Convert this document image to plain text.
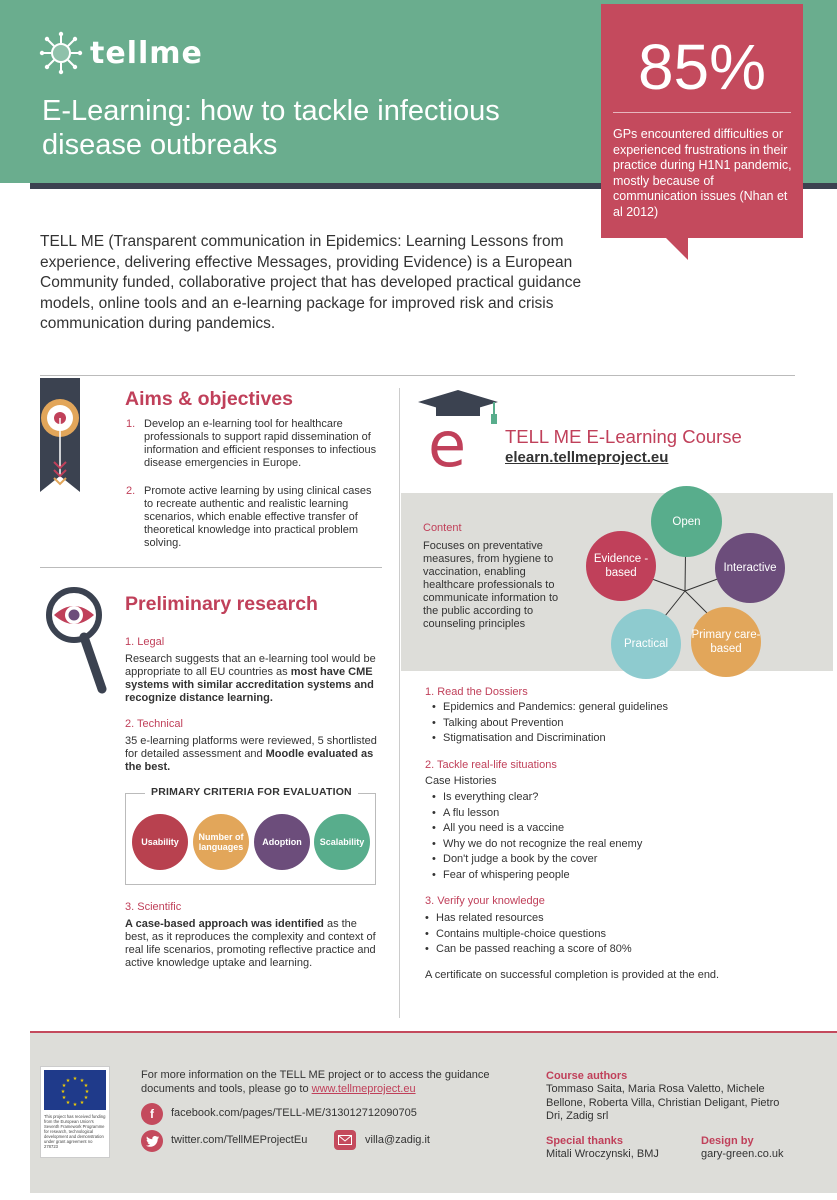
tellme
E-Learning: how to tackle infectious
disease outbreaks
85%
GPs encountered difficulties or experienced frustrations in their practice during H1N1 pandemic, mostly because of communication issues (Nhan et al 2012)

TELL ME (Transparent communication in Epidemics: Learning Lessons from experience, delivering effective Messages, providing Evidence) is a European Community funded, collaborative project that has developed practical guidance models, online tools and an e-learning package for improved risk and crisis communication during pandemics.

Aims & objectives
1. Develop an e-learning tool for healthcare professionals to support rapid dissemination of information and efficient responses to infectious disease emergencies in Europe.
2. Promote active learning by using clinical cases to recreate authentic and realistic learning scenarios, which enable effective transfer of theoretical knowledge into practical problem solving.
Preliminary research
1. Legal
Research suggests that an e-learning tool would be appropriate to all EU countries as most have CME systems with similar accreditation systems and recognize distance learning.
2. Technical
35 e-learning platforms were reviewed, 5 shortlisted for detailed assessment and Moodle evaluated as the best.
Usability	Number of languages	Adoption	Scalability
PRIMARY CRITERIA FOR EVALUATION
3. Scientific
A case-based approach was identified as the best, as it reproduces the complexity and context of real life scenarios, promoting reflective practice and active knowledge uptake and learning.
e TELL ME E-Learning Course
elearn.tellmeproject.eu
Open
Interactive
Primary care-based
Practical
Evidence -based
Content
Focuses on preventative measures, from hygiene to vaccination, enabling healthcare professionals to communicate information to the public according to counseling principles
1. Read the Dossiers
• Epidemics and Pandemics: general guidelines
• Talking about Prevention
• Stigmatisation and Discrimination
2. Tackle real-life situations
Case Histories
• Is everything clear?
• A flu lesson
• All you need is a vaccine
• Why we do not recognize the real enemy
• Don't judge a book by the cover
• Fear of whispering people
3. Verify your knowledge
• Has related resources
• Contains multiple-choice questions
• Can be passed reaching a score of 80%
A certificate on successful completion is provided at the end.
★ ★
★
★
★
★
★
★
★
★
★
★
This project has received funding from the European Union's Seventh Framework Programme for research, technological development and demonstration under grant agreement no 278723
For more information on the TELL ME project or to access the guidance documents and tools, please go to www.tellmeproject.eu
f	facebook.com/pages/TELL-ME/313012712090705
twitter.com/TellMEProjectEu	villa@zadig.it
Course authors
Tommaso Saita, Maria Rosa Valetto, Michele Bellone, Roberta Villa, Christian Deligant, Pietro Dri, Zadig srl
Special thanks
Mitali Wroczynski, BMJ
Design by
gary-green.co.uk
